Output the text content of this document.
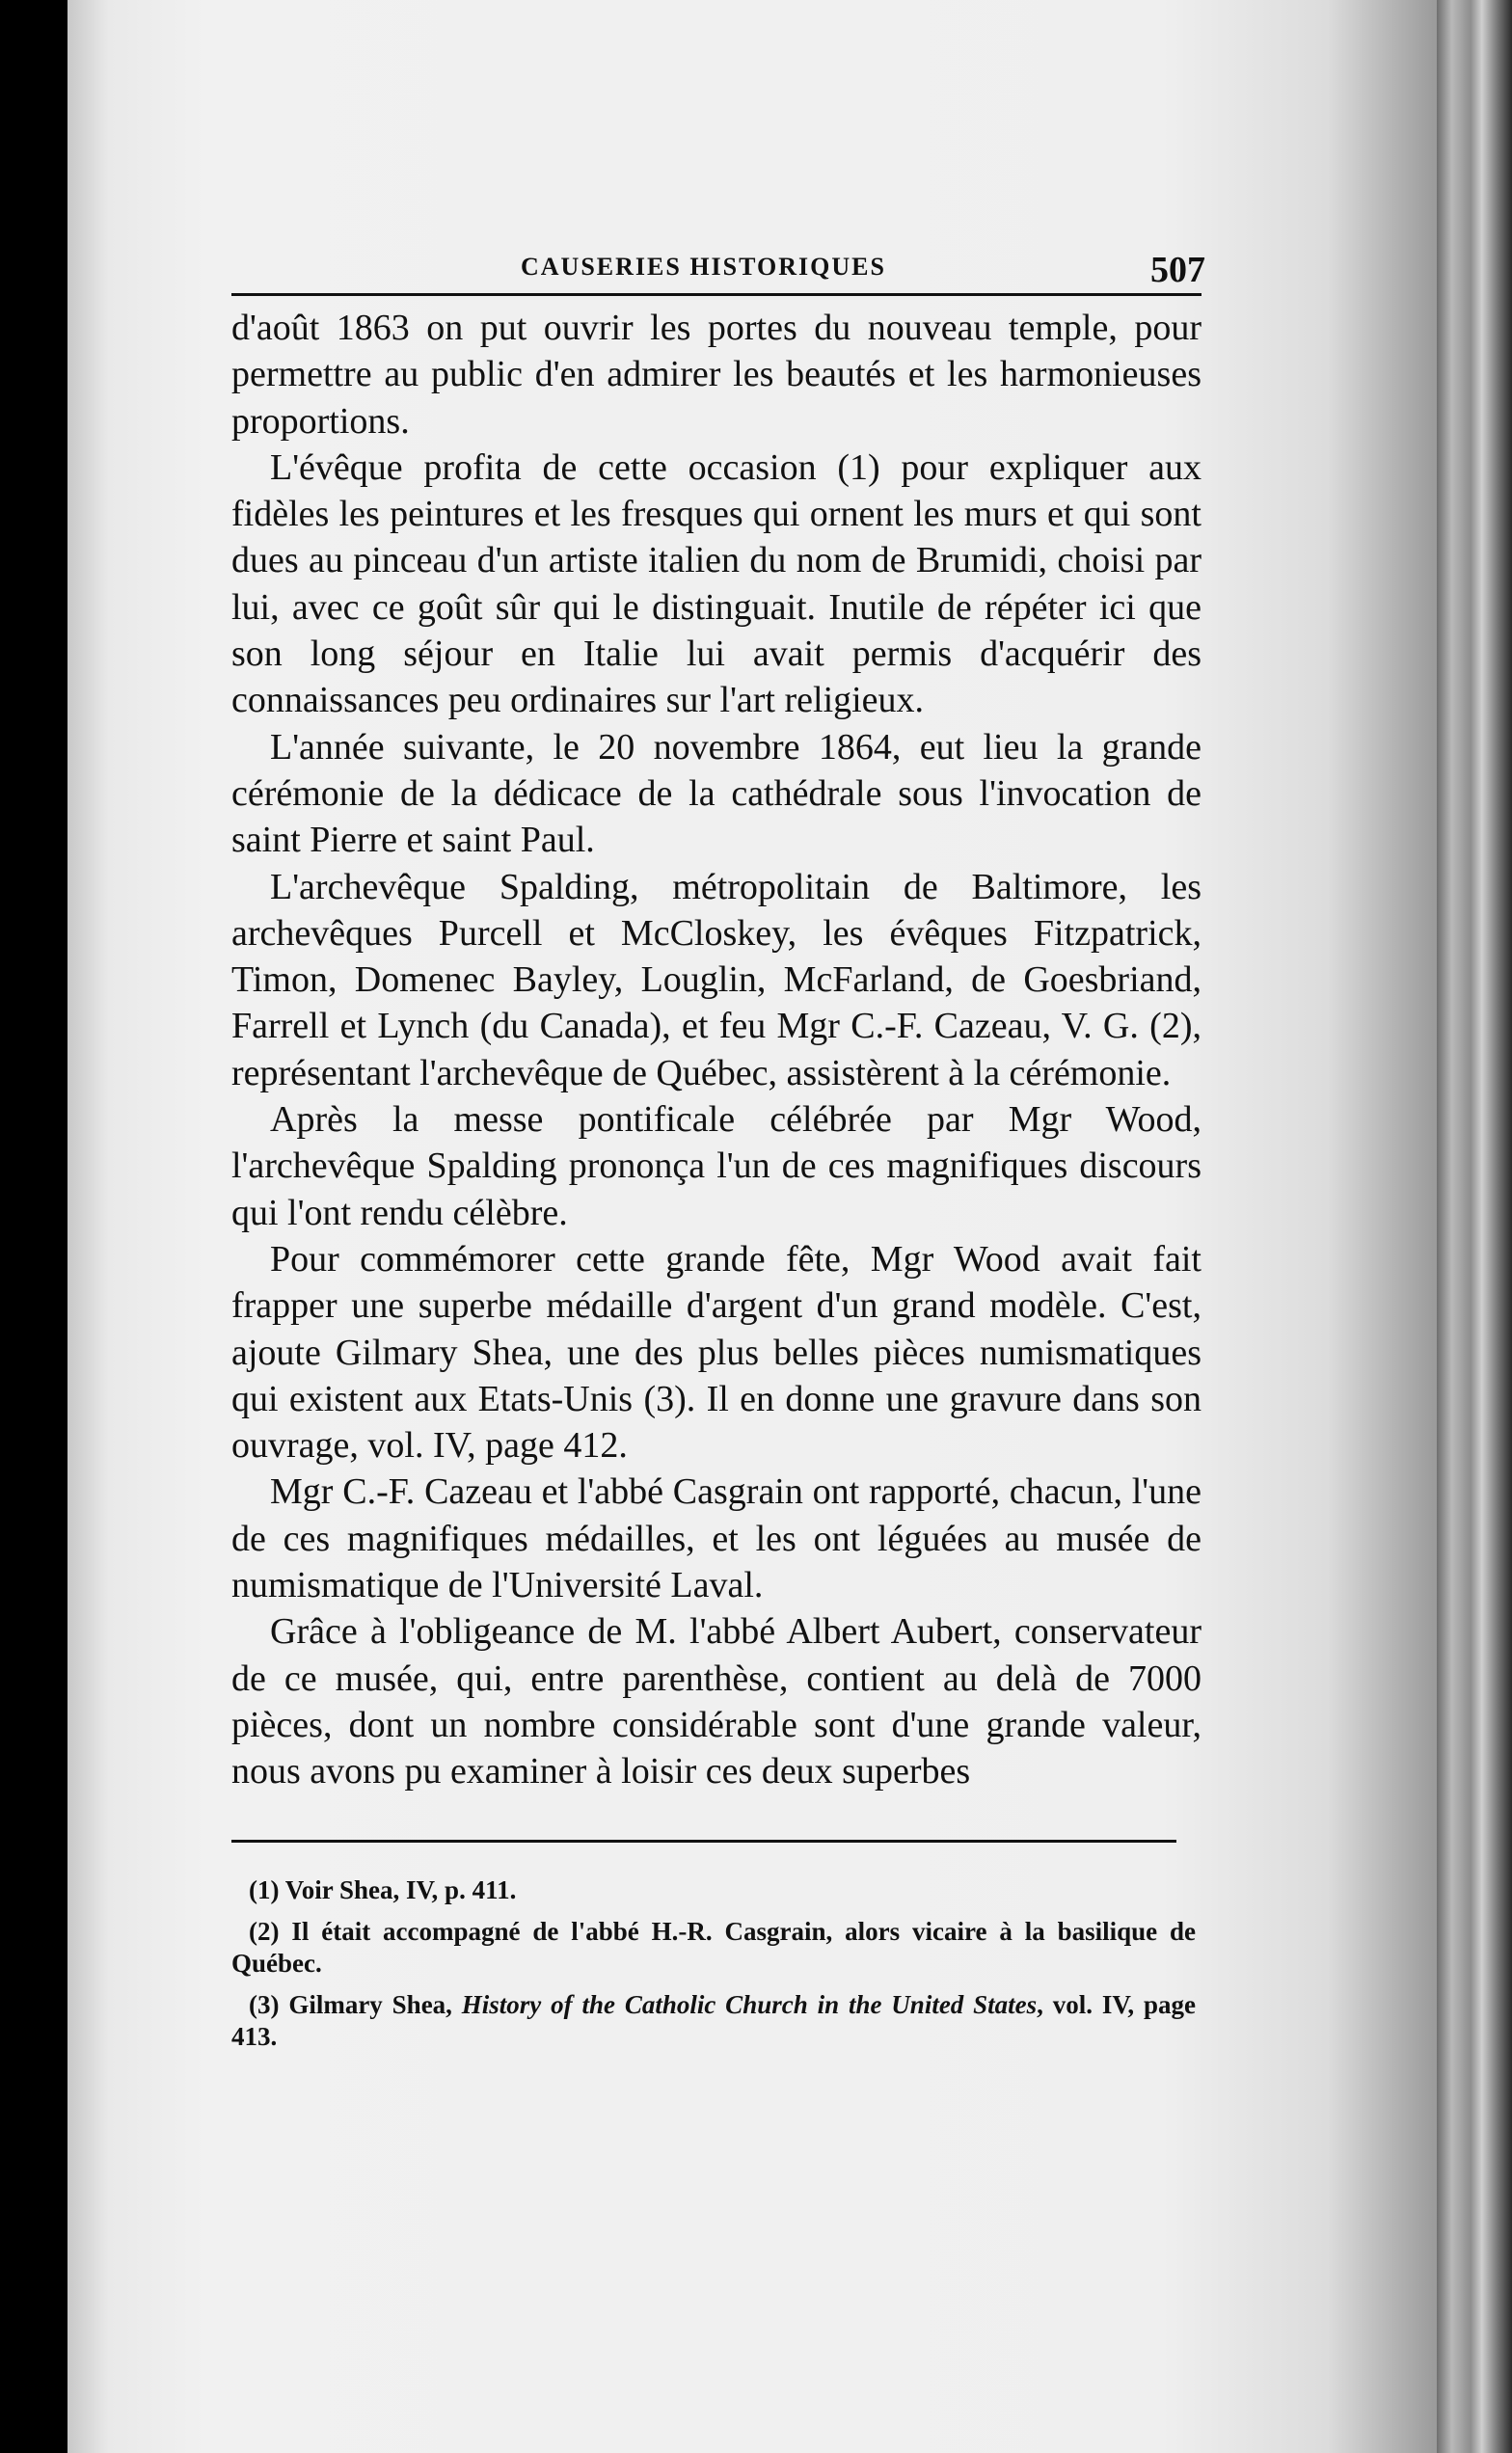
CAUSERIES HISTORIQUES	507

d'août 1863 on put ouvrir les portes du nouveau temple, pour permettre au public d'en admirer les beautés et les harmonieuses proportions.

L'évêque profita de cette occasion (1) pour expliquer aux fidèles les peintures et les fresques qui ornent les murs et qui sont dues au pinceau d'un artiste italien du nom de Brumidi, choisi par lui, avec ce goût sûr qui le distinguait. Inutile de répéter ici que son long séjour en Italie lui avait permis d'acquérir des connaissances peu ordinaires sur l'art religieux.

L'année suivante, le 20 novembre 1864, eut lieu la grande cérémonie de la dédicace de la cathédrale sous l'invocation de saint Pierre et saint Paul.

L'archevêque Spalding, métropolitain de Baltimore, les archevêques Purcell et McCloskey, les évêques Fitzpatrick, Timon, Domenec Bayley, Louglin, McFarland, de Goesbriand, Farrell et Lynch (du Canada), et feu Mgr C.-F. Cazeau, V. G. (2), représentant l'archevêque de Québec, assistèrent à la cérémonie.

Après la messe pontificale célébrée par Mgr Wood, l'archevêque Spalding prononça l'un de ces magnifiques discours qui l'ont rendu célèbre.

Pour commémorer cette grande fête, Mgr Wood avait fait frapper une superbe médaille d'argent d'un grand modèle. C'est, ajoute Gilmary Shea, une des plus belles pièces numismatiques qui existent aux Etats-Unis (3). Il en donne une gravure dans son ouvrage, vol. IV, page 412.

Mgr C.-F. Cazeau et l'abbé Casgrain ont rapporté, chacun, l'une de ces magnifiques médailles, et les ont léguées au musée de numismatique de l'Université Laval.

Grâce à l'obligeance de M. l'abbé Albert Aubert, conservateur de ce musée, qui, entre parenthèse, contient au delà de 7000 pièces, dont un nombre considérable sont d'une grande valeur, nous avons pu examiner à loisir ces deux superbes

(1) Voir Shea, IV, p. 411.

(2) Il était accompagné de l'abbé H.-R. Casgrain, alors vicaire à la basilique de Québec.

(3) Gilmary Shea, History of the Catholic Church in the United States, vol. IV, page 413.
